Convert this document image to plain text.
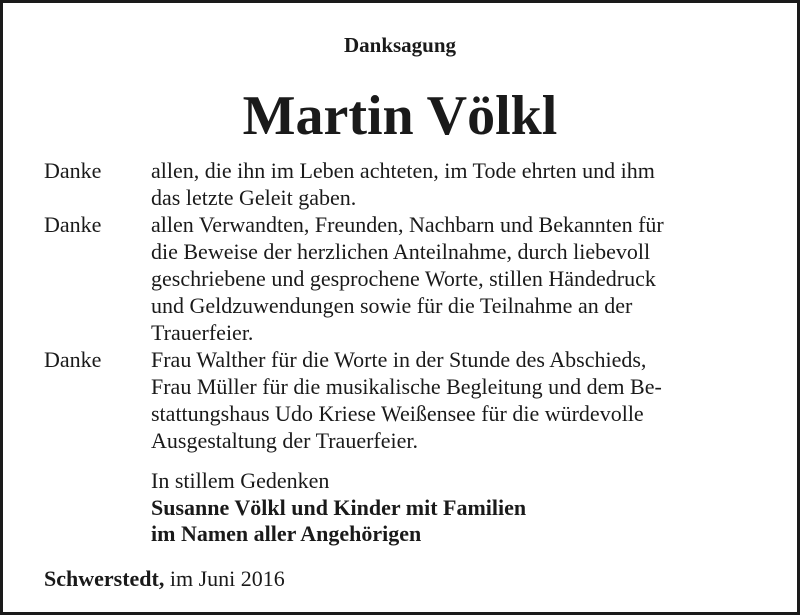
Danksagung
Martin Völkl
Danke allen, die ihn im Leben achteten, im Tode ehrten und ihm
das letzte Geleit gaben.
Danke allen Verwandten, Freunden, Nachbarn und Bekannten für
die Beweise der herzlichen Anteilnahme, durch liebevoll
geschriebene und gesprochene Worte, stillen Händedruck
und Geldzuwendungen sowie für die Teilnahme an der
Trauerfeier.
Danke Frau Walther für die Worte in der Stunde des Abschieds,
Frau Müller für die musikalische Begleitung und dem Be-
stattungshaus Udo Kriese Weißensee für die würdevolle
Ausgestaltung der Trauerfeier.
In stillem Gedenken
Susanne Völkl und Kinder mit Familien
im Namen aller Angehörigen
Schwerstedt, im Juni 2016
